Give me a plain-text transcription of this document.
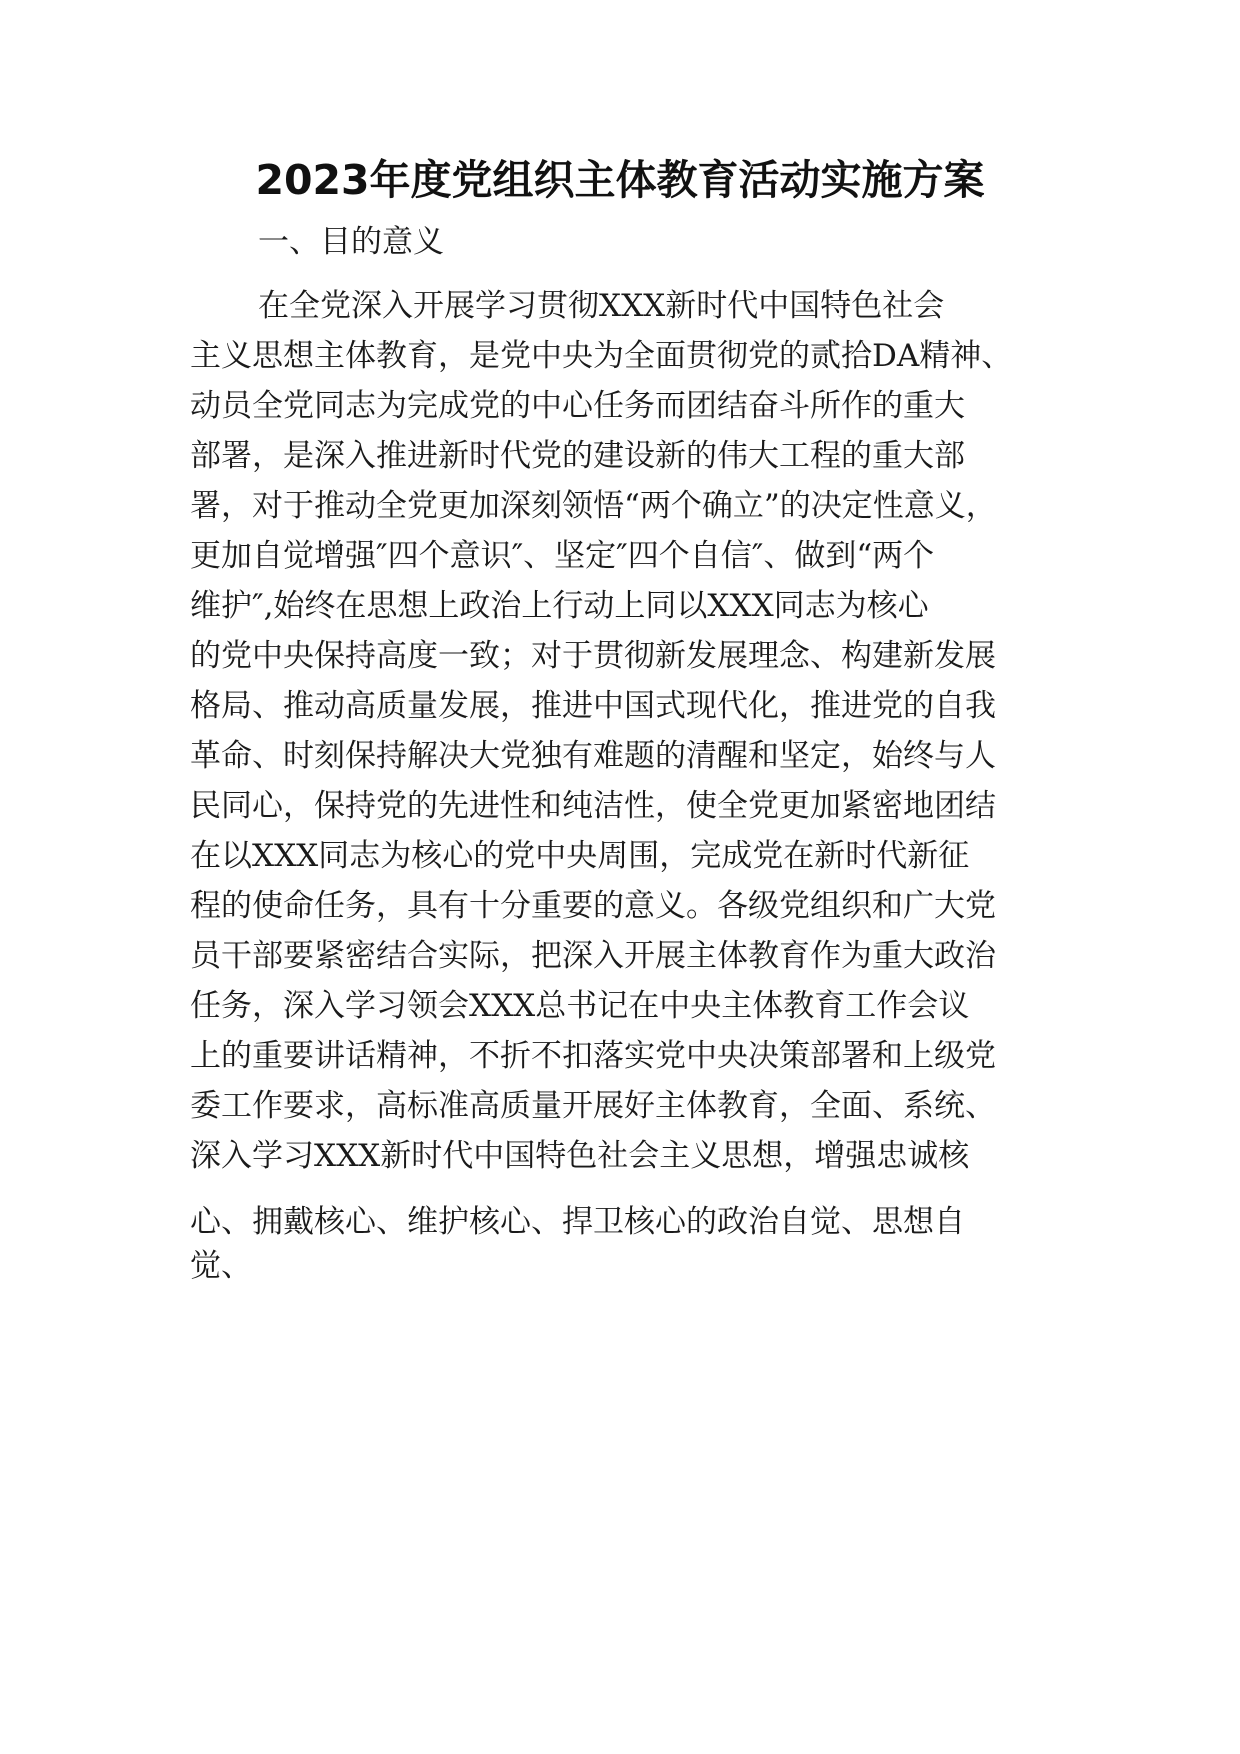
2023年度党组织主体教育活动实施方案
一、目的意义
在全党深入开展学习贯彻XXX新时代中国特色社会
主义思想主体教育，是党中央为全面贯彻党的贰拾DA精神、
动员全党同志为完成党的中心任务而团结奋斗所作的重大
部署，是深入推进新时代党的建设新的伟大工程的重大部
署，对于推动全党更加深刻领悟“两个确立”的决定性意义，
更加自觉增强″四个意识″、坚定″四个自信″、做到“两个
维护″,始终在思想上政治上行动上同以XXX同志为核心
的党中央保持高度一致；对于贯彻新发展理念、构建新发展
格局、推动高质量发展，推进中国式现代化，推进党的自我
革命、时刻保持解决大党独有难题的清醒和坚定，始终与人
民同心，保持党的先进性和纯洁性，使全党更加紧密地团结
在以XXX同志为核心的党中央周围，完成党在新时代新征
程的使命任务，具有十分重要的意义。各级党组织和广大党
员干部要紧密结合实际，把深入开展主体教育作为重大政治
任务，深入学习领会XXX总书记在中央主体教育工作会议
上的重要讲话精神，不折不扣落实党中央决策部署和上级党
委工作要求，高标准高质量开展好主体教育，全面、系统、
深入学习XXX新时代中国特色社会主义思想，增强忠诚核
心、拥戴核心、维护核心、捍卫核心的政治自觉、思想自
觉、
